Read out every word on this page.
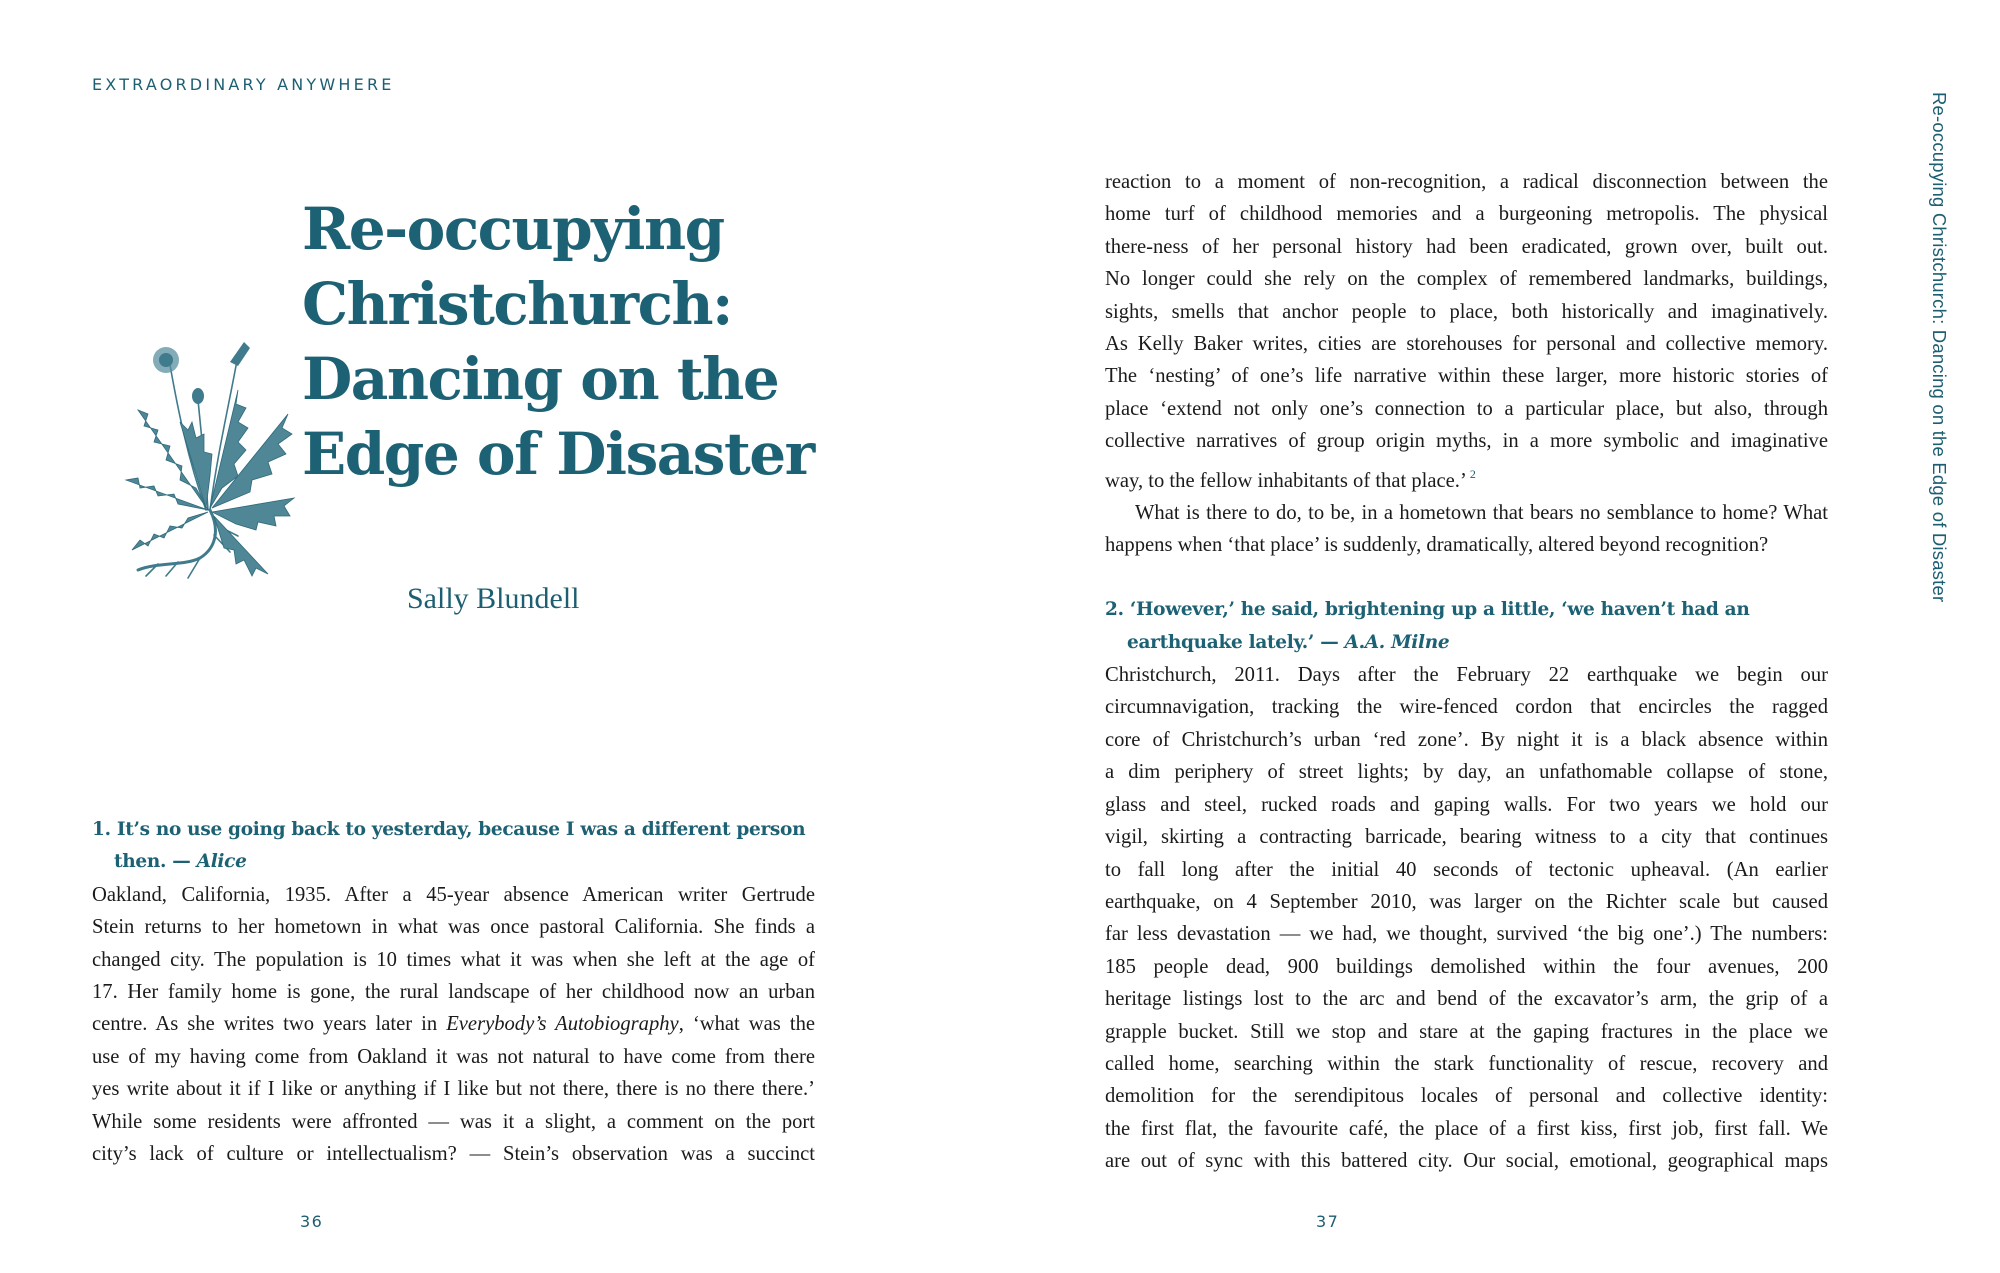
EXTRAORDINARY ANYWHERE
Re-occupying Christchurch: Dancing on the Edge of Disaster
Re-occupying
Christchurch:
Dancing on the
Edge of Disaster
Sally Blundell
1. It’s no use going back to yesterday, because I was a different person
then. — Alice

Oakland, California, 1935. After a 45-year absence American writer Gertrude
Stein returns to her hometown in what was once pastoral California. She finds a
changed city. The population is 10 times what it was when she left at the age of
17. Her family home is gone, the rural landscape of her childhood now an urban
centre. As she writes two years later in Everybody’s Autobiography, ‘what was the
use of my having come from Oakland it was not natural to have come from there
yes write about it if I like or anything if I like but not there, there is no there there.’
While some residents were affronted — was it a slight, a comment on the port
city’s lack of culture or intellectualism? — Stein’s observation was a succinct

reaction to a moment of non-recognition, a radical disconnection between the
home turf of childhood memories and a burgeoning metropolis. The physical
there-ness of her personal history had been eradicated, grown over, built out.
No longer could she rely on the complex of remembered landmarks, buildings,
sights, smells that anchor people to place, both historically and imaginatively.
As Kelly Baker writes, cities are storehouses for personal and collective memory.
The ‘nesting’ of one’s life narrative within these larger, more historic stories of
place ‘extend not only one’s connection to a particular place, but also, through
collective narratives of group origin myths, in a more symbolic and imaginative
way, to the fellow inhabitants of that place.’ $^2$

What is there to do, to be, in a hometown that bears no semblance to home? What
happens when ‘that place’ is suddenly, dramatically, altered beyond recognition?

2. ‘However,’ he said, brightening up a little, ‘we haven’t had an
earthquake lately.’ — A.A. Milne

Christchurch, 2011. Days after the February 22 earthquake we begin our
circumnavigation, tracking the wire-fenced cordon that encircles the ragged
core of Christchurch’s urban ‘red zone’. By night it is a black absence within
a dim periphery of street lights; by day, an unfathomable collapse of stone,
glass and steel, rucked roads and gaping walls. For two years we hold our
vigil, skirting a contracting barricade, bearing witness to a city that continues
to fall long after the initial 40 seconds of tectonic upheaval. (An earlier
earthquake, on 4 September 2010, was larger on the Richter scale but caused
far less devastation — we had, we thought, survived ‘the big one’.) The numbers:
185 people dead, 900 buildings demolished within the four avenues, 200
heritage listings lost to the arc and bend of the excavator’s arm, the grip of a
grapple bucket. Still we stop and stare at the gaping fractures in the place we
called home, searching within the stark functionality of rescue, recovery and
demolition for the serendipitous locales of personal and collective identity:
the first flat, the favourite café, the place of a first kiss, first job, first fall. We
are out of sync with this battered city. Our social, emotional, geographical maps

36	37
